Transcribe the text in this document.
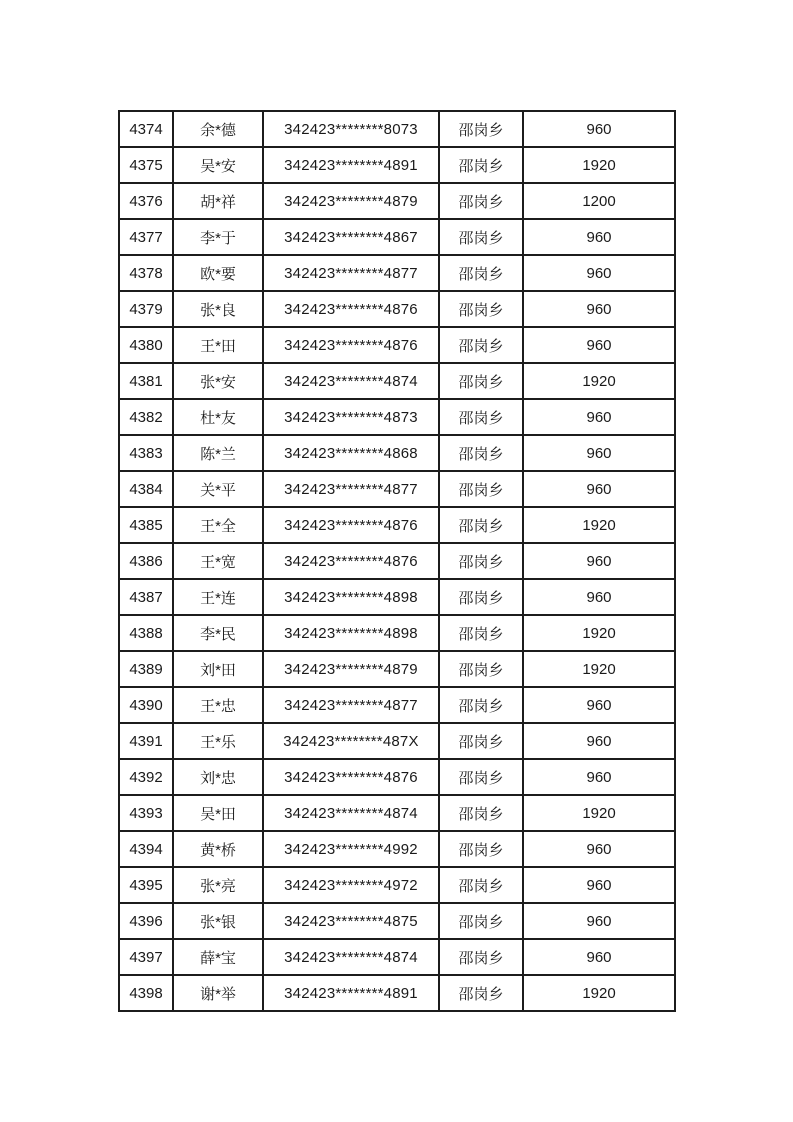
4374	余*德	342423********8073	邵岗乡	960
4375	吴*安	342423********4891	邵岗乡	1920
4376	胡*祥	342423********4879	邵岗乡	1200
4377	李*于	342423********4867	邵岗乡	960
4378	欧*要	342423********4877	邵岗乡	960
4379	张*良	342423********4876	邵岗乡	960
4380	王*田	342423********4876	邵岗乡	960
4381	张*安	342423********4874	邵岗乡	1920
4382	杜*友	342423********4873	邵岗乡	960
4383	陈*兰	342423********4868	邵岗乡	960
4384	关*平	342423********4877	邵岗乡	960
4385	王*全	342423********4876	邵岗乡	1920
4386	王*宽	342423********4876	邵岗乡	960
4387	王*连	342423********4898	邵岗乡	960
4388	李*民	342423********4898	邵岗乡	1920
4389	刘*田	342423********4879	邵岗乡	1920
4390	王*忠	342423********4877	邵岗乡	960
4391	王*乐	342423********487X	邵岗乡	960
4392	刘*忠	342423********4876	邵岗乡	960
4393	吴*田	342423********4874	邵岗乡	1920
4394	黄*桥	342423********4992	邵岗乡	960
4395	张*亮	342423********4972	邵岗乡	960
4396	张*银	342423********4875	邵岗乡	960
4397	薛*宝	342423********4874	邵岗乡	960
4398	谢*举	342423********4891	邵岗乡	1920
